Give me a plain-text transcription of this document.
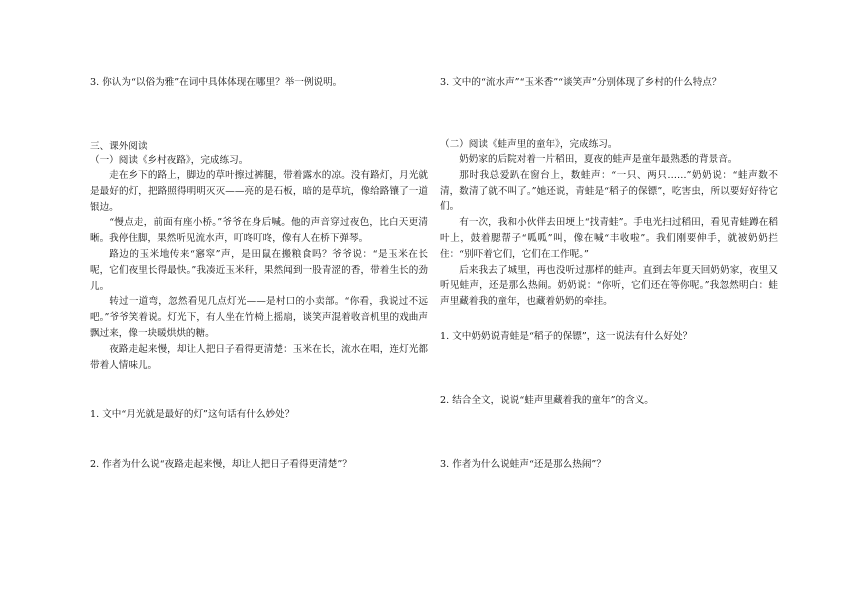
3. 你认为“以俗为雅”在词中具体体现在哪里？举一例说明。
三、课外阅读
（一）阅读《乡村夜路》，完成练习。

走在乡下的路上，脚边的草叶擦过裤腿，带着露水的凉。没有路灯，月光就是最好的灯，把路照得明明灭灭——亮的是石板，暗的是草坑，像给路镶了一道银边。

“慢点走，前面有座小桥。”爷爷在身后喊。他的声音穿过夜色，比白天更清晰。我停住脚，果然听见流水声，叮咚叮咚，像有人在桥下弹琴。

路边的玉米地传来“窸窣”声，是田鼠在搬粮食吗？爷爷说：“是玉米在长呢，它们夜里长得最快。”我凑近玉米秆，果然闻到一股青涩的香，带着生长的劲儿。

转过一道弯，忽然看见几点灯光——是村口的小卖部。“你看，我说过不远吧。”爷爷笑着说。灯光下，有人坐在竹椅上摇扇，谈笑声混着收音机里的戏曲声飘过来，像一块暖烘烘的糖。

夜路走起来慢，却让人把日子看得更清楚：玉米在长，流水在唱，连灯光都带着人情味儿。

1. 文中“月光就是最好的灯”这句话有什么妙处？
2. 作者为什么说“夜路走起来慢，却让人把日子看得更清楚”？
3. 文中的“流水声”“玉米香”“谈笑声”分别体现了乡村的什么特点？
（二）阅读《蛙声里的童年》，完成练习。

奶奶家的后院对着一片稻田，夏夜的蛙声是童年最熟悉的背景音。

那时我总爱趴在窗台上，数蛙声：“一只、两只……”奶奶说：“蛙声数不清，数清了就不叫了。”她还说，青蛙是“稻子的保镖”，吃害虫，所以要好好待它们。

有一次，我和小伙伴去田埂上“找青蛙”。手电光扫过稻田，看见青蛙蹲在稻叶上，鼓着腮帮子“呱呱”叫，像在喊“丰收啦”。我们刚要伸手，就被奶奶拦住：“别吓着它们，它们在工作呢。”

后来我去了城里，再也没听过那样的蛙声。直到去年夏天回奶奶家，夜里又听见蛙声，还是那么热闹。奶奶说：“你听，它们还在等你呢。”我忽然明白：蛙声里藏着我的童年，也藏着奶奶的牵挂。

1. 文中奶奶说青蛙是“稻子的保镖”，这一说法有什么好处？
2. 结合全文，说说“蛙声里藏着我的童年”的含义。
3. 作者为什么说蛙声“还是那么热闹”？
